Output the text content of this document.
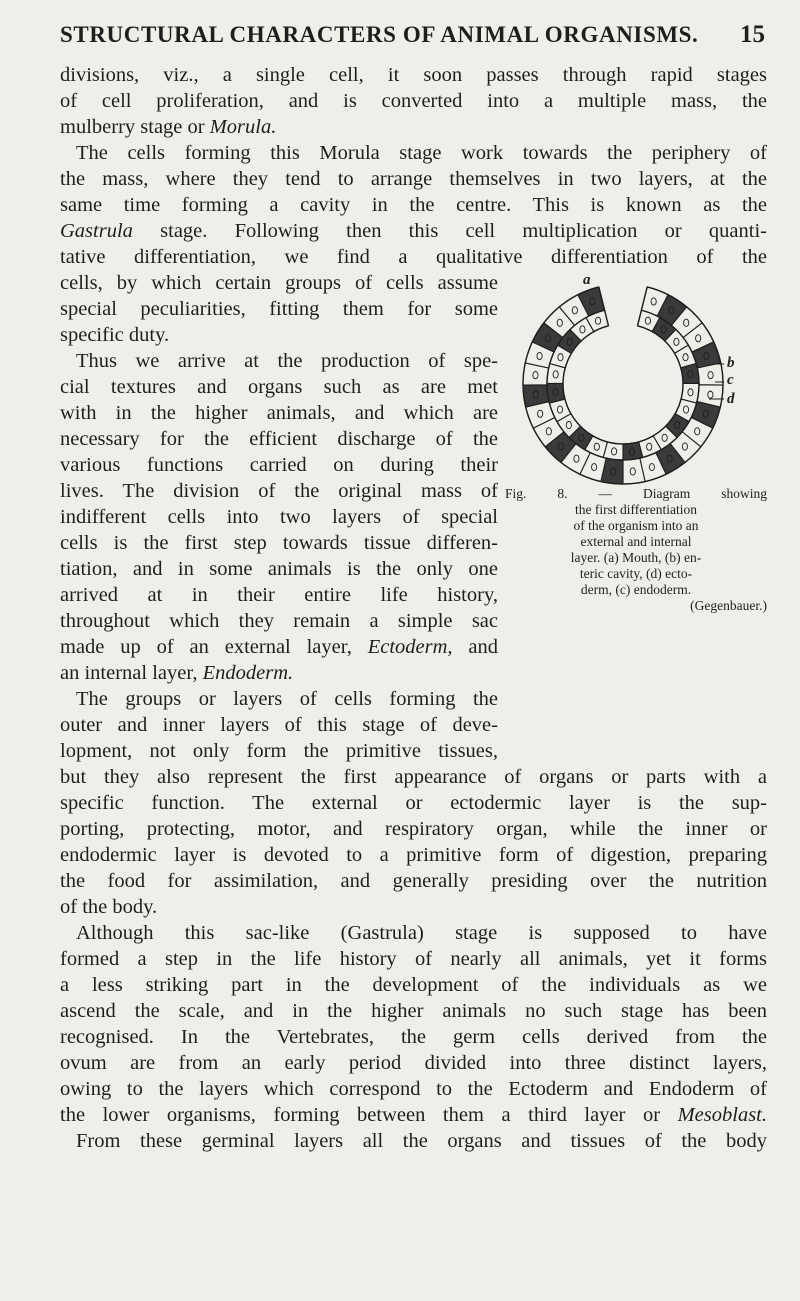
STRUCTURAL CHARACTERS OF ANIMAL ORGANISMS. 15
divisions, viz., a single cell, it soon passes through rapid stages
of cell proliferation, and is converted into a multiple mass, the
mulberry stage or Morula.
The cells forming this Morula stage work towards the periphery of
the mass, where they tend to arrange themselves in two layers, at the
same time forming a cavity in the centre. This is known as the
Gastrula stage. Following then this cell multiplication or quanti-
tative differentiation, we find a qualitative differentiation of the
cells, by which certain groups of cells assume
special peculiarities, fitting them for some
specific duty.
Thus we arrive at the production of spe-
cial textures and organs such as are met
with in the higher animals, and which are
necessary for the efficient discharge of the
various functions carried on during their
lives. The division of the original mass of
indifferent cells into two layers of special
cells is the first step towards tissue differen-
tiation, and in some animals is the only one
arrived at in their entire life history,
throughout which they remain a simple sac
made up of an external layer, Ectoderm, and
an internal layer, Endoderm.
The groups or layers of cells forming the
outer and inner layers of this stage of deve-
lopment, not only form the primitive tissues,
but they also represent the first appearance of organs or parts with a
specific function. The external or ectodermic layer is the sup-
porting, protecting, motor, and respiratory organ, while the inner or
endodermic layer is devoted to a primitive form of digestion, preparing
the food for assimilation, and generally presiding over the nutrition
of the body.
Although this sac-like (Gastrula) stage is supposed to have
formed a step in the life history of nearly all animals, yet it forms
a less striking part in the development of the individuals as we
ascend the scale, and in the higher animals no such stage has been
recognised. In the Vertebrates, the germ cells derived from the
ovum are from an early period divided into three distinct layers,
owing to the layers which correspond to the Ectoderm and Endoderm of
the lower organisms, forming between them a third layer or Mesoblast.
From these germinal layers all the organs and tissues of the body
a
b
c
d
Fig. 8. — Diagram showing
the first differentiation
of the organism into an
external and internal
layer. (a) Mouth, (b) en-
teric cavity, (d) ecto-
derm, (c) endoderm.
(Gegenbauer.)
